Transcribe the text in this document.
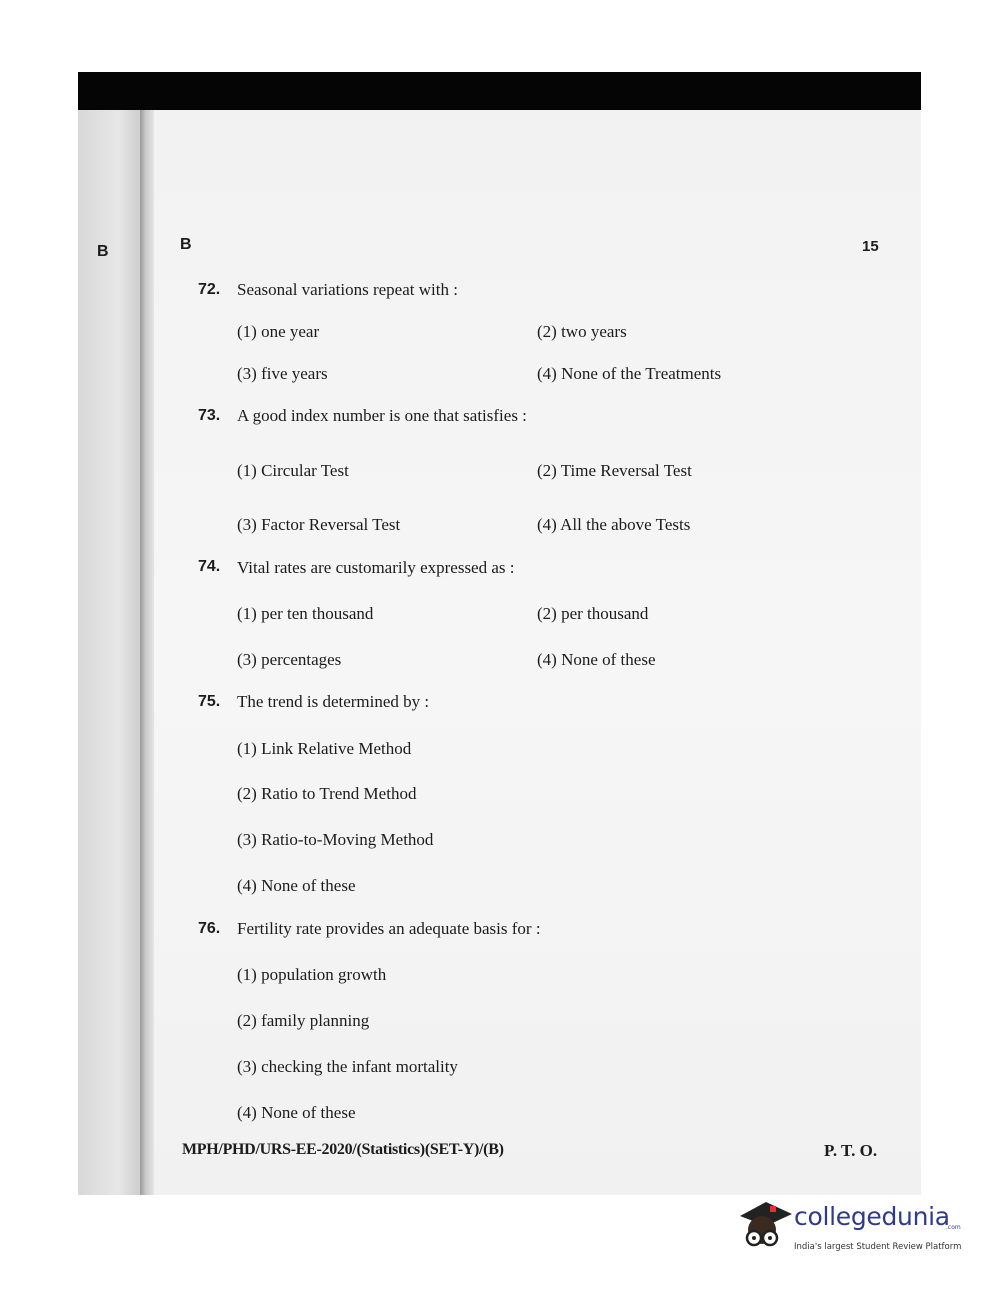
B	B	15
72. Seasonal variations repeat with :
(1) one year	(2) two years
(3) five years	(4) None of the Treatments
73. A good index number is one that satisfies :
(1) Circular Test	(2) Time Reversal Test
(3) Factor Reversal Test	(4) All the above Tests
74. Vital rates are customarily expressed as :
(1) per ten thousand	(2) per thousand
(3) percentages	(4) None of these
75. The trend is determined by :
(1) Link Relative Method
(2) Ratio to Trend Method
(3) Ratio-to-Moving Method
(4) None of these
76. Fertility rate provides an adequate basis for :
(1) population growth
(2) family planning
(3) checking the infant mortality
(4) None of these
MPH/PHD/URS-EE-2020/(Statistics)(SET-Y)/(B)	P. T. O.
collegedunia
.com
India's largest Student Review Platform
